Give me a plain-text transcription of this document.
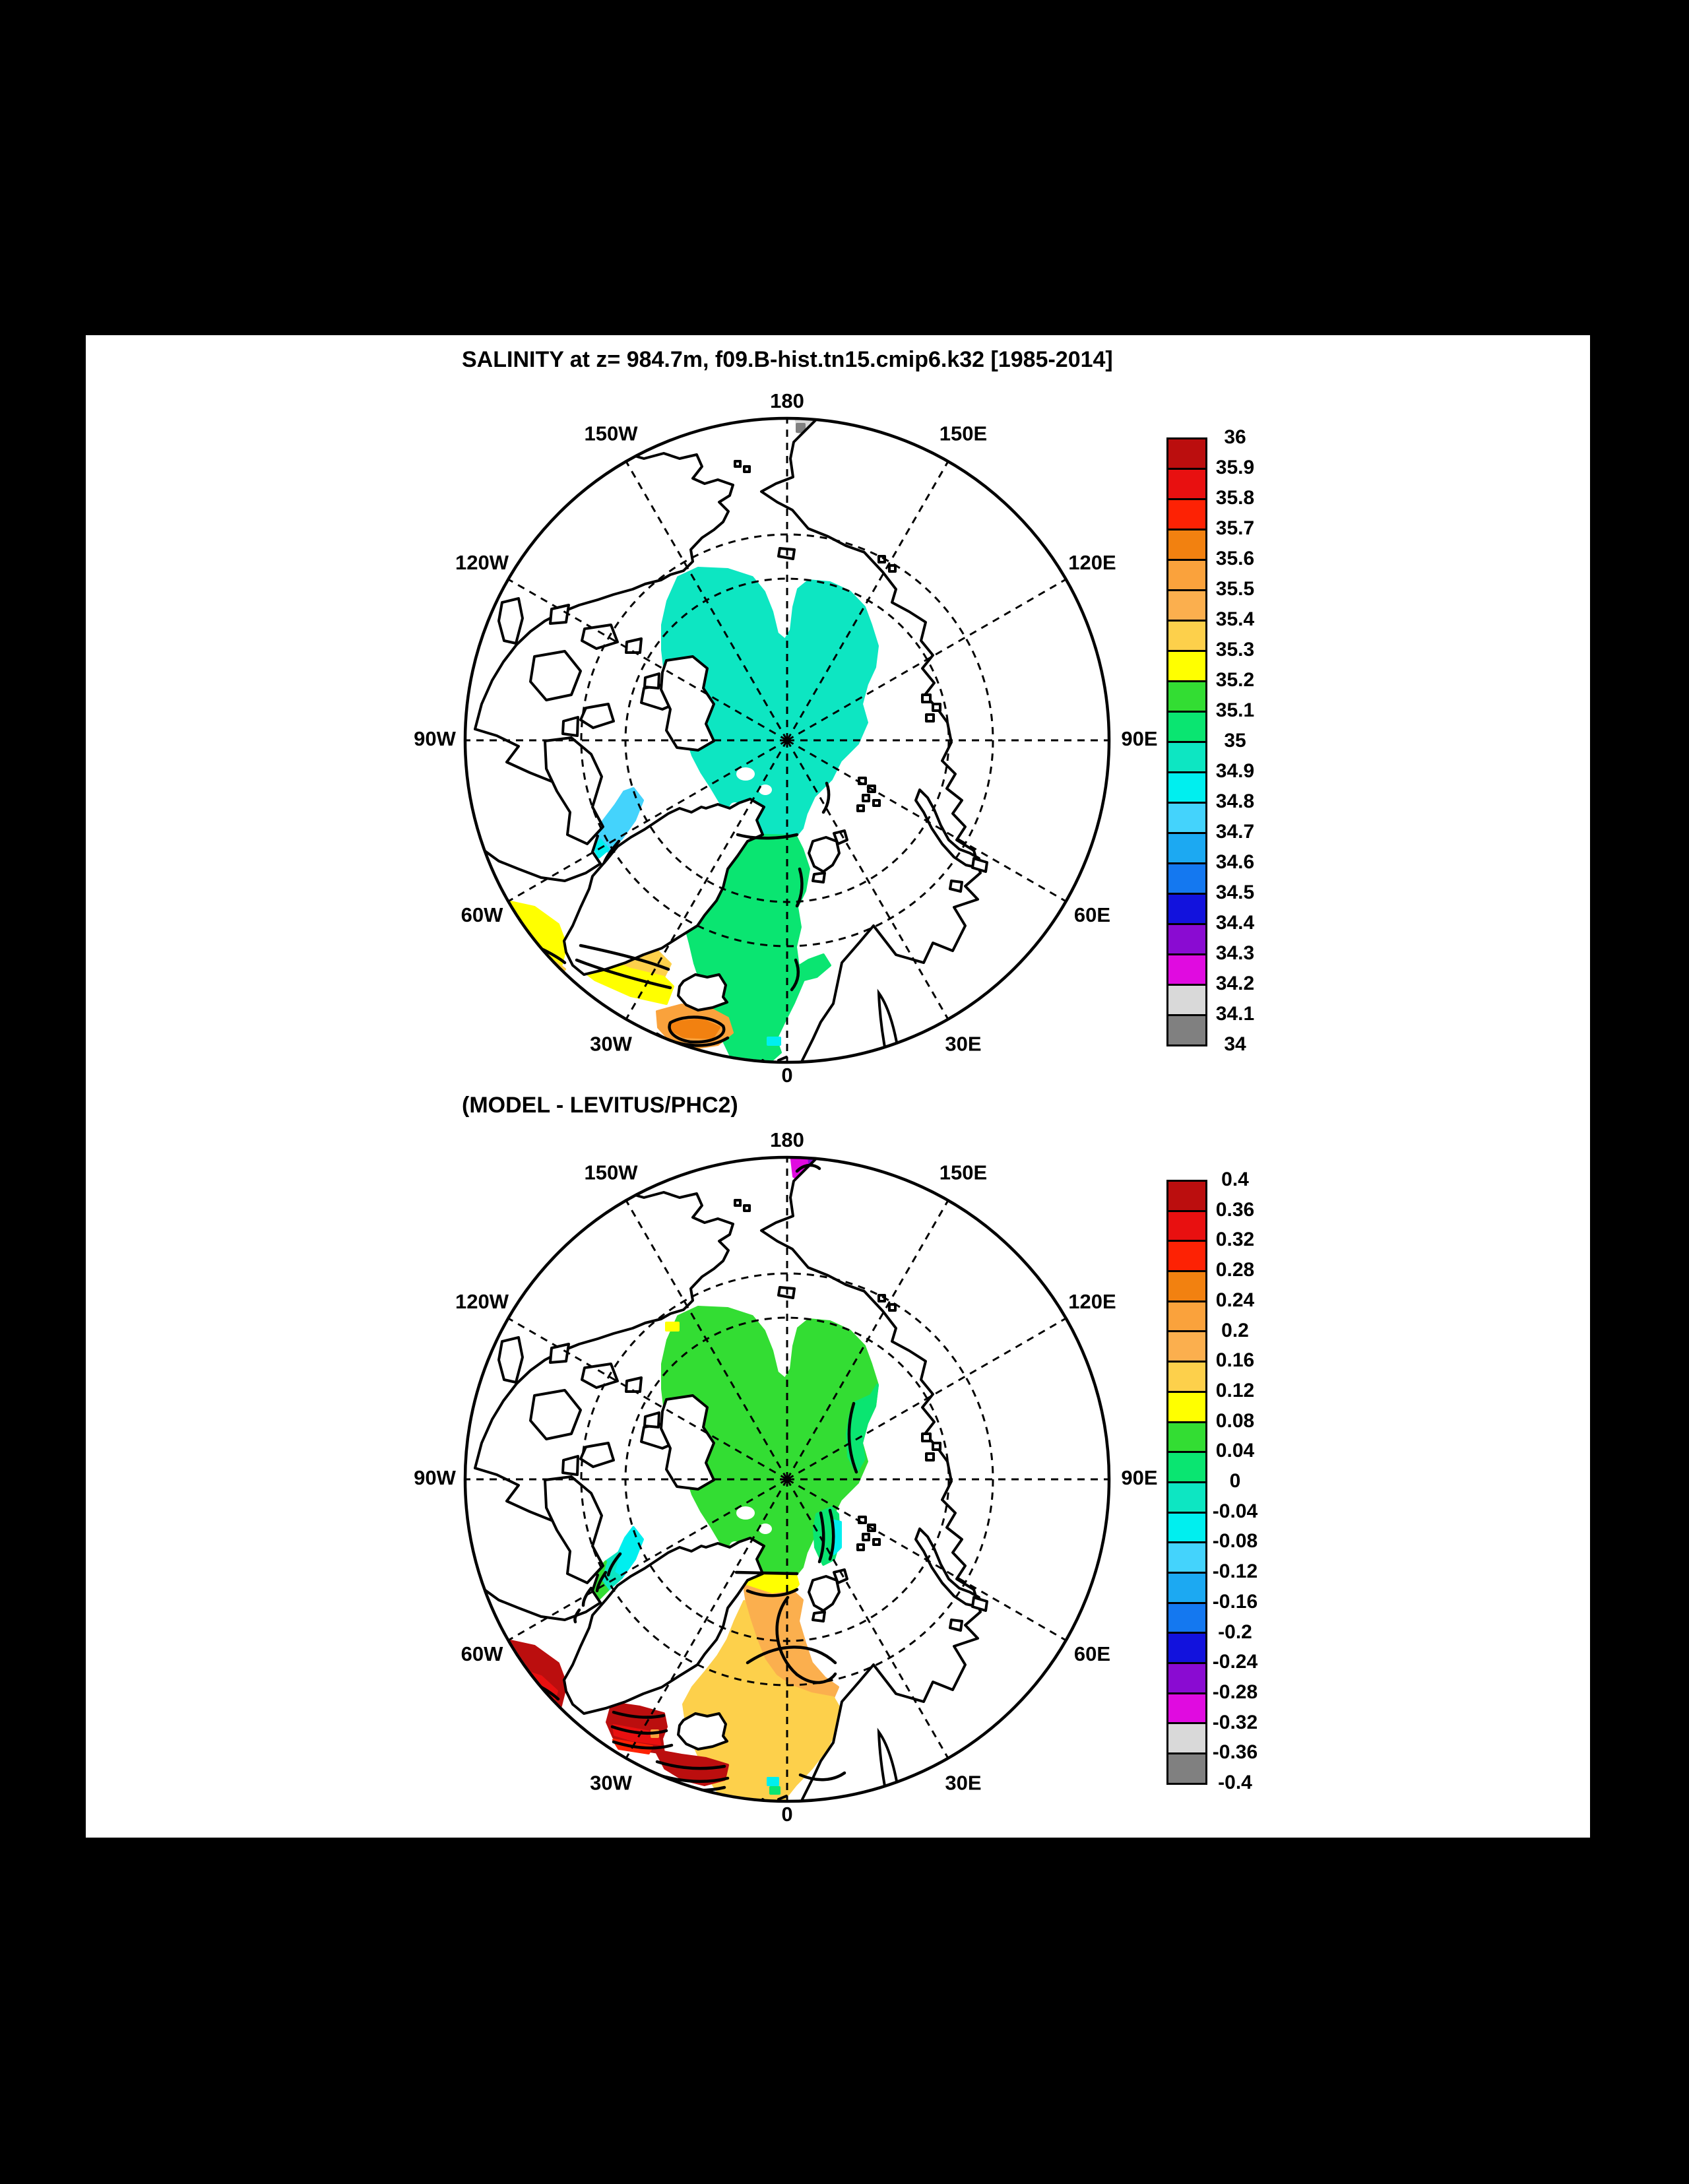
SALINITY at z= 984.7m, f09.B-hist.tn15.cmip6.k32 [1985-2014]
180
150E
120E
90E
60E
30E
0
30W
60W
90W
120W
150W
(MODEL - LEVITUS/PHC2)
180
150E
120E
90E
60E
30E
0
30W
60W
90W
120W
150W
36
35.9
35.8
35.7
35.6
35.5
35.4
35.3
35.2
35.1
35
34.9
34.8
34.7
34.6
34.5
34.4
34.3
34.2
34.1
34
0.4
0.36
0.32
0.28
0.24
0.2
0.16
0.12
0.08
0.04
0
-0.04
-0.08
-0.12
-0.16
-0.2
-0.24
-0.28
-0.32
-0.36
-0.4
